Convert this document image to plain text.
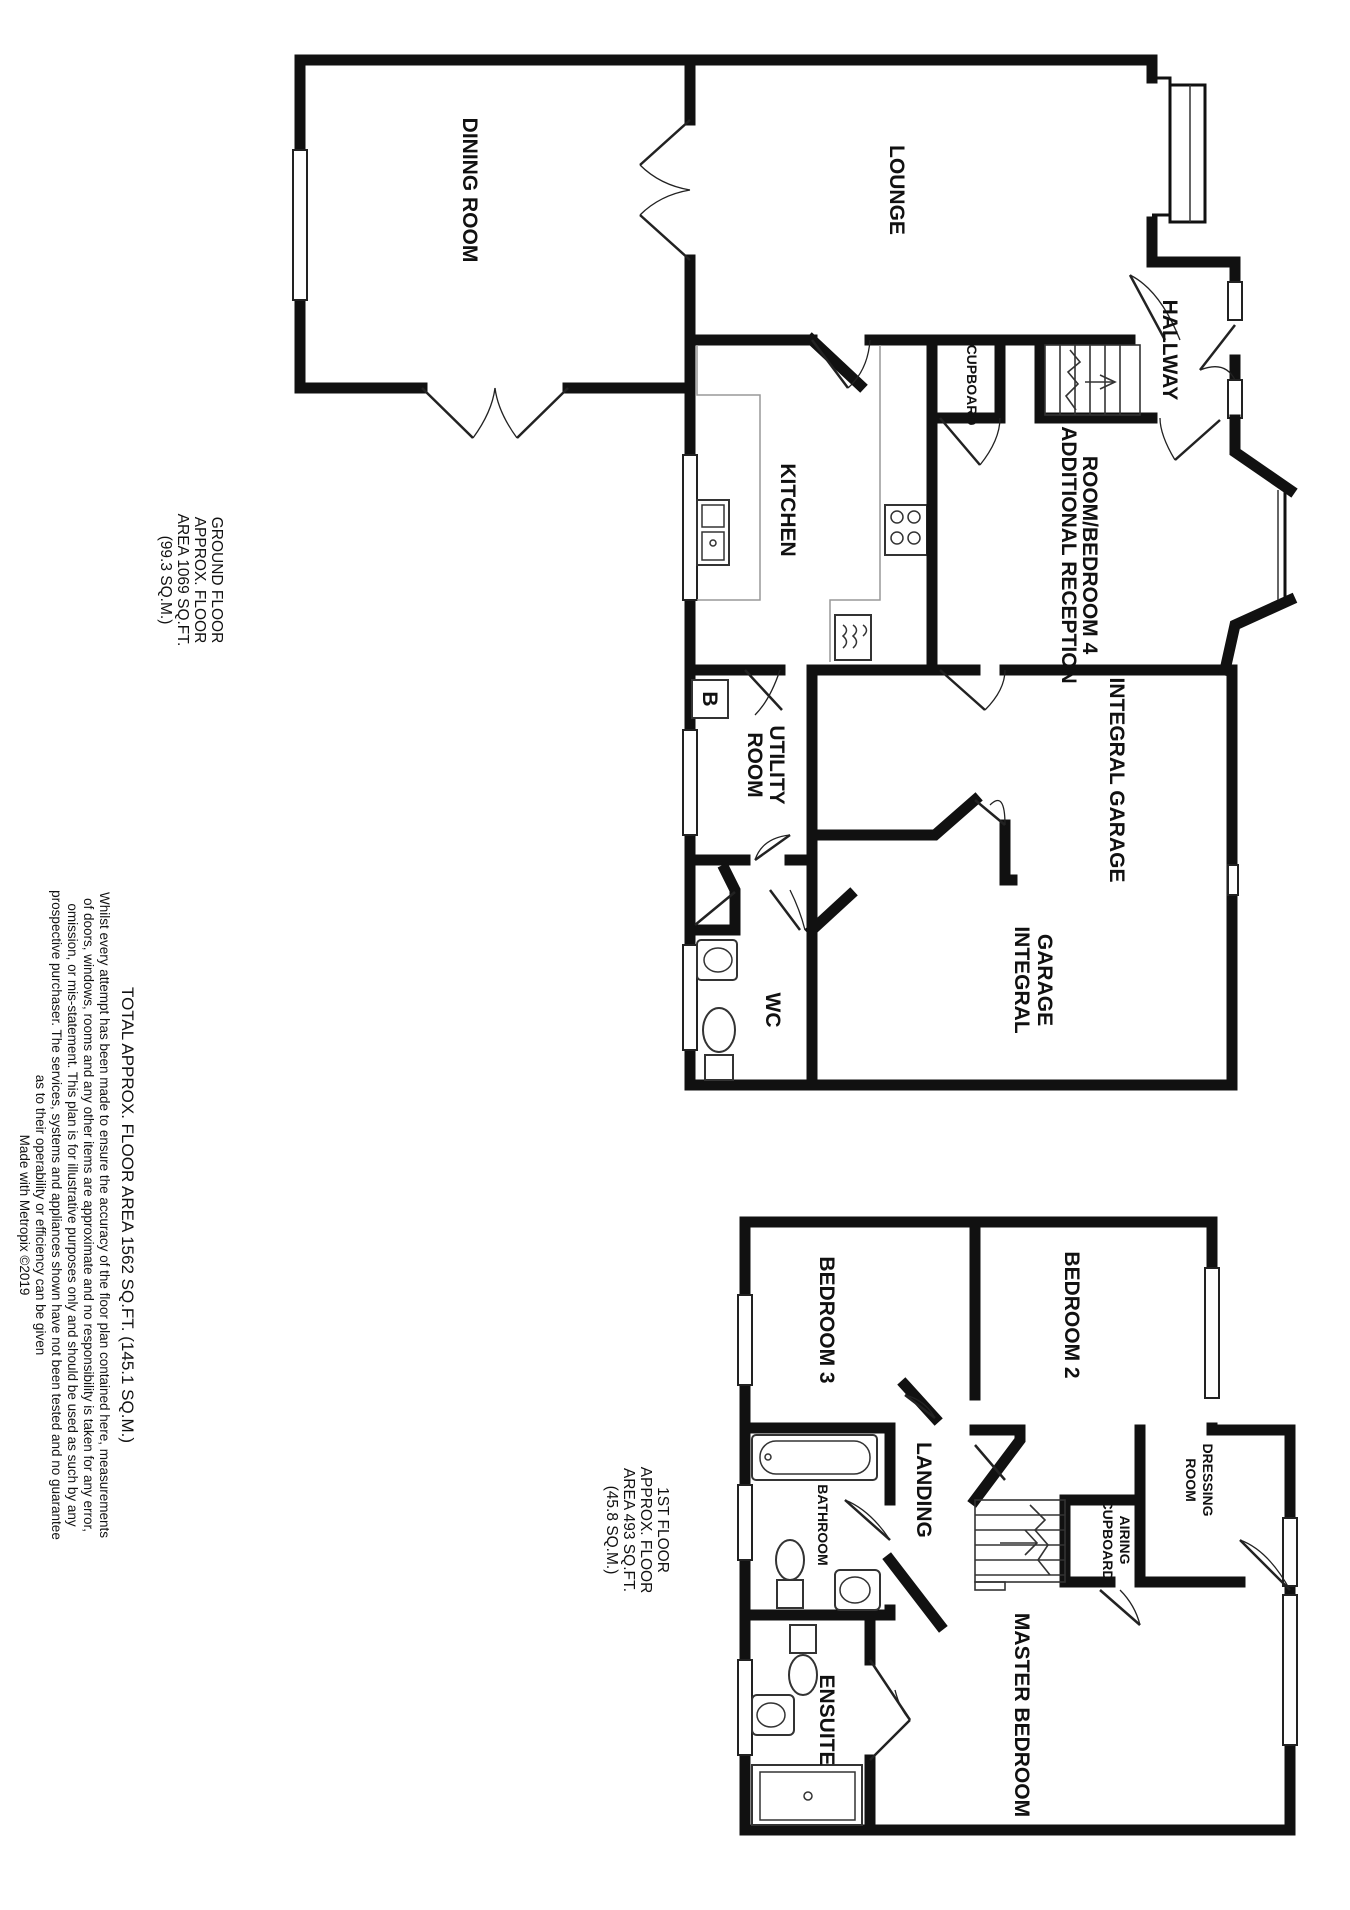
DINING ROOM	LOUNGE
HALLWAY
CUPBOARD
KITCHEN	ADDITIONAL RECEPTION
ROOM/BEDROOM 4
INTEGRAL GARAGE
INTEGRAL GARAGE
UTILITY
ROOM
WC
B
GROUND FLOOR
APPROX. FLOOR
AREA 1069 SQ.FT.
(99.3 SQ.M.)
BEDROOM 3	BEDROOM 2
DRESSING
ROOM
BATHROOM	LANDING
AIRING
CUPBOARD
MASTER BEDROOM
ENSUITE
1ST FLOOR
APPROX. FLOOR
AREA 493 SQ.FT.
(45.8 SQ.M.)
TOTAL APPROX. FLOOR AREA 1562 SQ.FT. (145.1 SQ.M.)
Whilst every attempt has been made to ensure the accuracy of the floor plan contained here, measurements
of doors, windows, rooms and any other items are approximate and no responsibility is taken for any error,
omission, or mis-statement. This plan is for illustrative purposes only and should be used as such by any
prospective purchaser. The services, systems and appliances shown have not been tested and no guarantee
as to their operability or efficiency can be given
Made with Metropix ©2019
